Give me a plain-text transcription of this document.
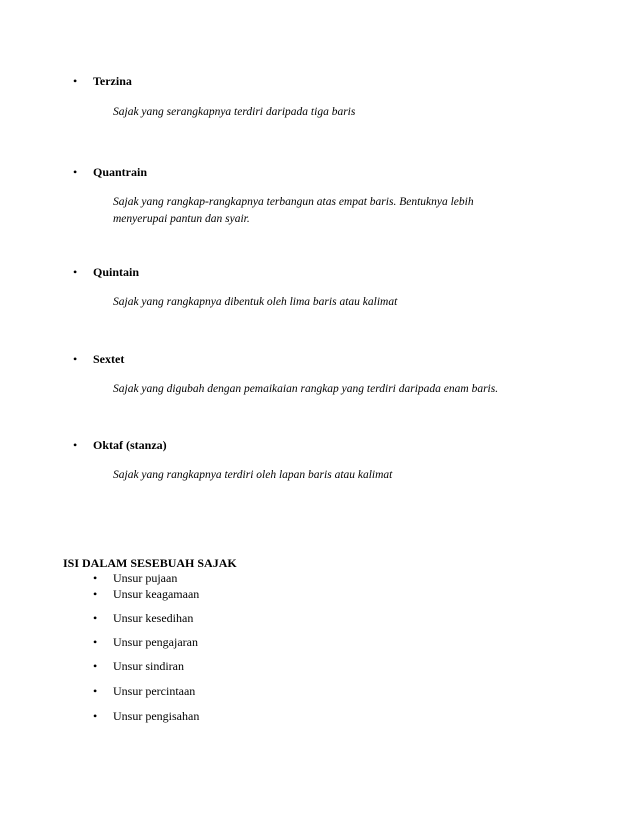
• Terzina
Sajak yang serangkapnya terdiri daripada tiga baris
• Quantrain
Sajak yang rangkap-rangkapnya terbangun atas empat baris. Bentuknya lebih menyerupai pantun dan syair.
• Quintain
Sajak yang rangkapnya dibentuk oleh lima baris atau kalimat
• Sextet
Sajak yang digubah dengan pemaikaian rangkap yang terdiri daripada enam baris.
• Oktaf (stanza)
Sajak yang rangkapnya terdiri oleh lapan baris atau kalimat
ISI DALAM SESEBUAH SAJAK
• Unsur pujaan
• Unsur keagamaan
• Unsur kesedihan
• Unsur pengajaran
• Unsur sindiran
• Unsur percintaan
• Unsur pengisahan
